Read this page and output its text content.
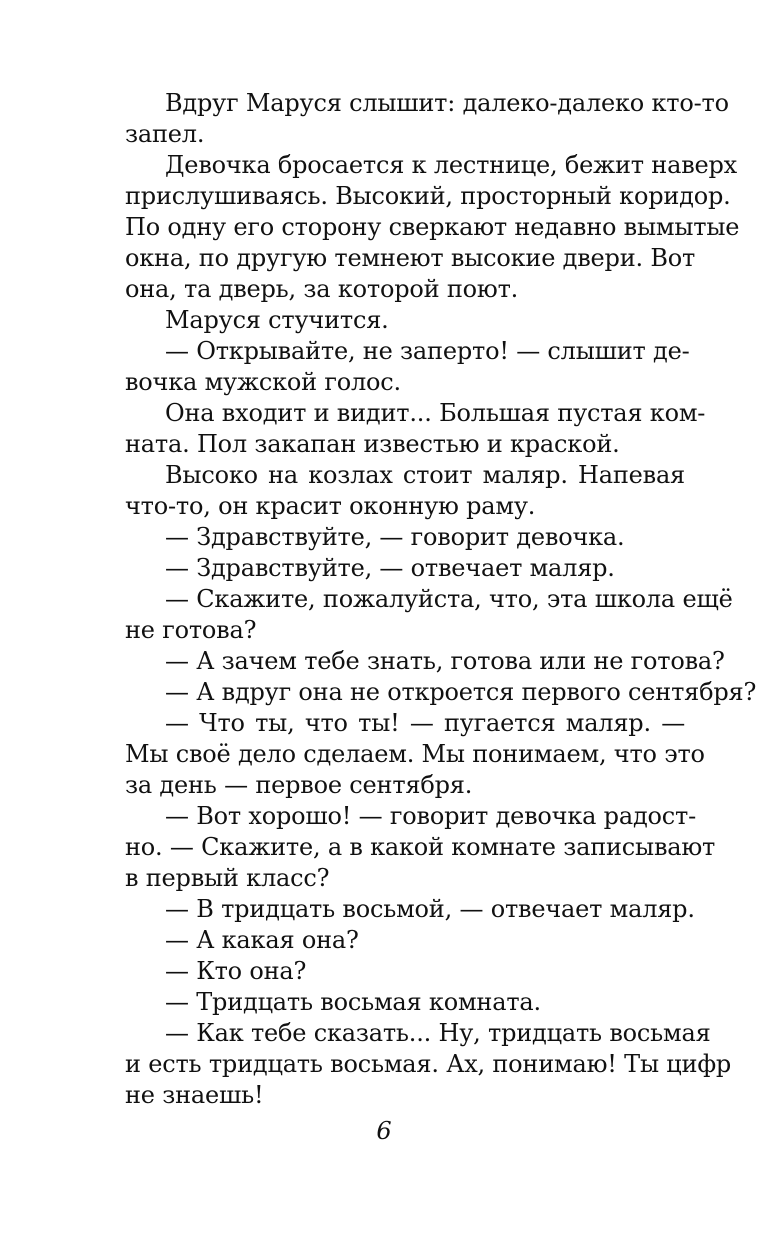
Вдруг Маруся слышит: далеко-далеко кто-то
запел.
Девочка бросается к лестнице, бежит наверх
прислушиваясь. Высокий, просторный коридор.
По одну его сторону сверкают недавно вымытые
окна, по другую темнеют высокие двери. Вот
она, та дверь, за которой поют.
Маруся стучится.
— Открывайте, не заперто! — слышит де-
вочка мужской голос.
Она входит и видит... Большая пустая ком-
ната. Пол закапан известью и краской.
Высоко на козлах стоит маляр. Напевая
что-то, он красит оконную раму.
— Здравствуйте, — говорит девочка.
— Здравствуйте, — отвечает маляр.
— Скажите, пожалуйста, что, эта школа ещё
не готова?
— А зачем тебе знать, готова или не готова?
— А вдруг она не откроется первого сентября?
— Что ты, что ты! — пугается маляр. —
Мы своё дело сделаем. Мы понимаем, что это
за день — первое сентября.
— Вот хорошо! — говорит девочка радост-
но. — Скажите, а в какой комнате записывают
в первый класс?
— В тридцать восьмой, — отвечает маляр.
— А какая она?
— Кто она?
— Тридцать восьмая комната.
— Как тебе сказать... Ну, тридцать восьмая
и есть тридцать восьмая. Ах, понимаю! Ты цифр
не знаешь!
6
